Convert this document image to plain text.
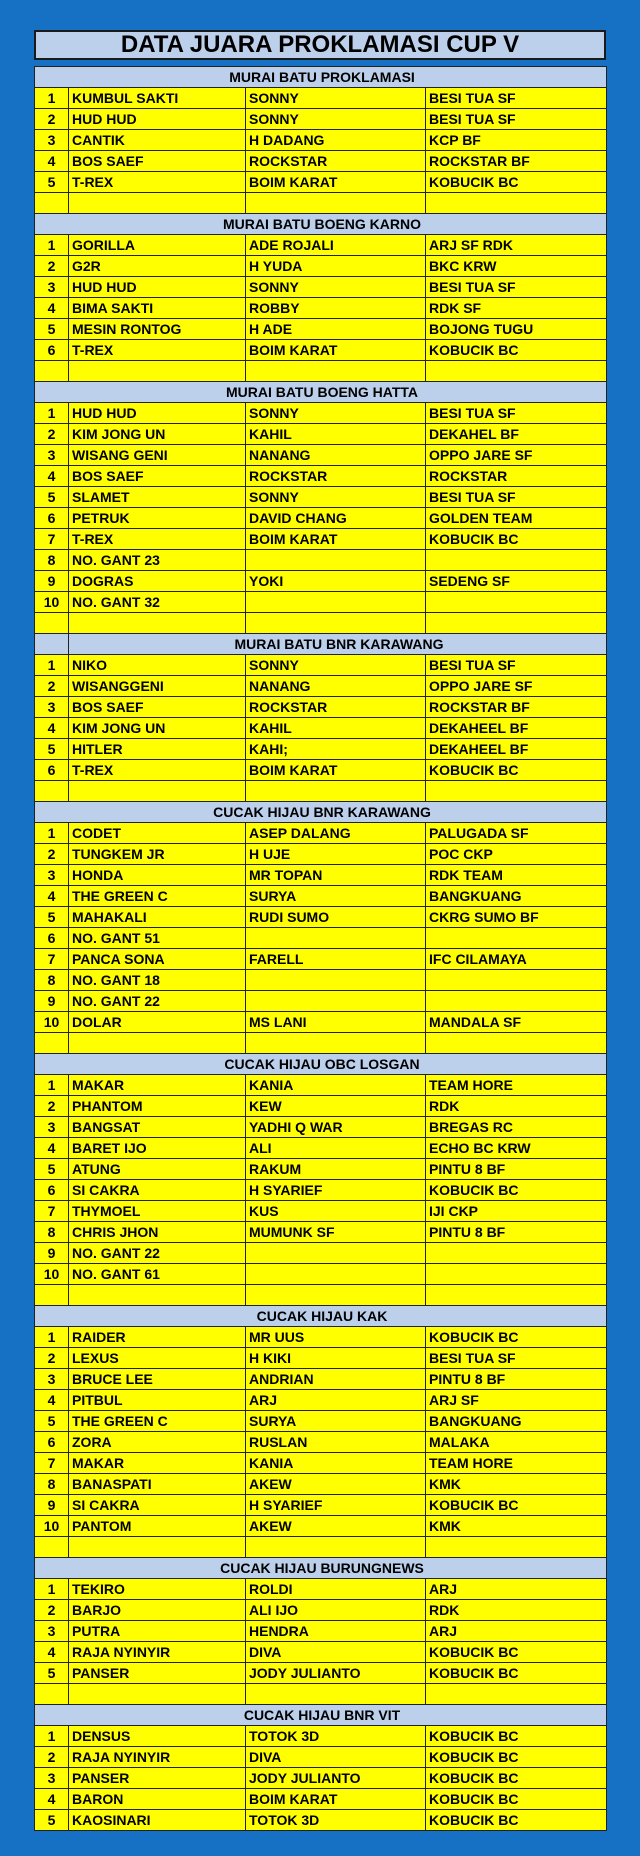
DATA JUARA PROKLAMASI CUP V
MURAI BATU PROKLAMASI			
1	KUMBUL SAKTI	SONNY	BESI TUA SF
2	HUD HUD	SONNY	BESI TUA SF
3	CANTIK	H DADANG	KCP BF
4	BOS SAEF	ROCKSTAR	ROCKSTAR BF
5	T-REX	BOIM KARAT	KOBUCIK BC

MURAI BATU BOENG KARNO			
1	GORILLA	ADE ROJALI	ARJ SF RDK
2	G2R	H YUDA	BKC KRW
3	HUD HUD	SONNY	BESI TUA SF
4	BIMA SAKTI	ROBBY	RDK SF
5	MESIN RONTOG	H ADE	BOJONG TUGU
6	T-REX	BOIM KARAT	KOBUCIK BC

MURAI BATU BOENG HATTA			
1	HUD HUD	SONNY	BESI TUA SF
2	KIM JONG UN	KAHIL	DEKAHEL BF
3	WISANG GENI	NANANG	OPPO JARE SF
4	BOS SAEF	ROCKSTAR	ROCKSTAR
5	SLAMET	SONNY	BESI TUA SF
6	PETRUK	DAVID CHANG	GOLDEN TEAM
7	T-REX	BOIM KARAT	KOBUCIK BC
8	NO. GANT 23		
9	DOGRAS	YOKI	SEDENG SF
10	NO. GANT 32		

	MURAI BATU BNR KARAWANG		
1	NIKO	SONNY	BESI TUA SF
2	WISANGGENI	NANANG	OPPO JARE SF
3	BOS SAEF	ROCKSTAR	ROCKSTAR BF
4	KIM JONG UN	KAHIL	DEKAHEEL BF
5	HITLER	KAHI;	DEKAHEEL BF
6	T-REX	BOIM KARAT	KOBUCIK BC

CUCAK HIJAU BNR KARAWANG			
1	CODET	ASEP DALANG	PALUGADA SF
2	TUNGKEM JR	H UJE	POC CKP
3	HONDA	MR TOPAN	RDK TEAM
4	THE GREEN C	SURYA	BANGKUANG
5	MAHAKALI	RUDI SUMO	CKRG SUMO BF
6	NO. GANT 51		
7	PANCA SONA	FARELL	IFC CILAMAYA
8	NO. GANT 18		
9	NO. GANT 22		
10	DOLAR	MS LANI	MANDALA SF

CUCAK HIJAU OBC LOSGAN			
1	MAKAR	KANIA	TEAM HORE
2	PHANTOM	KEW	RDK
3	BANGSAT	YADHI Q WAR	BREGAS RC
4	BARET IJO	ALI	ECHO BC KRW
5	ATUNG	RAKUM	PINTU 8 BF
6	SI CAKRA	H SYARIEF	KOBUCIK BC
7	THYMOEL	KUS	IJI CKP
8	CHRIS JHON	MUMUNK SF	PINTU 8 BF
9	NO. GANT 22		
10	NO. GANT 61		

CUCAK HIJAU KAK			
1	RAIDER	MR UUS	KOBUCIK BC
2	LEXUS	H KIKI	BESI TUA SF
3	BRUCE LEE	ANDRIAN	PINTU 8 BF
4	PITBUL	ARJ	ARJ SF
5	THE GREEN C	SURYA	BANGKUANG
6	ZORA	RUSLAN	MALAKA
7	MAKAR	KANIA	TEAM HORE
8	BANASPATI	AKEW	KMK
9	SI CAKRA	H SYARIEF	KOBUCIK BC
10	PANTOM	AKEW	KMK

CUCAK HIJAU BURUNGNEWS			
1	TEKIRO	ROLDI	ARJ
2	BARJO	ALI IJO	RDK
3	PUTRA	HENDRA	ARJ
4	RAJA NYINYIR	DIVA	KOBUCIK BC
5	PANSER	JODY JULIANTO	KOBUCIK BC

CUCAK HIJAU BNR VIT			
1	DENSUS	TOTOK 3D	KOBUCIK BC
2	RAJA NYINYIR	DIVA	KOBUCIK BC
3	PANSER	JODY JULIANTO	KOBUCIK BC
4	BARON	BOIM KARAT	KOBUCIK BC
5	KAOSINARI	TOTOK 3D	KOBUCIK BC
